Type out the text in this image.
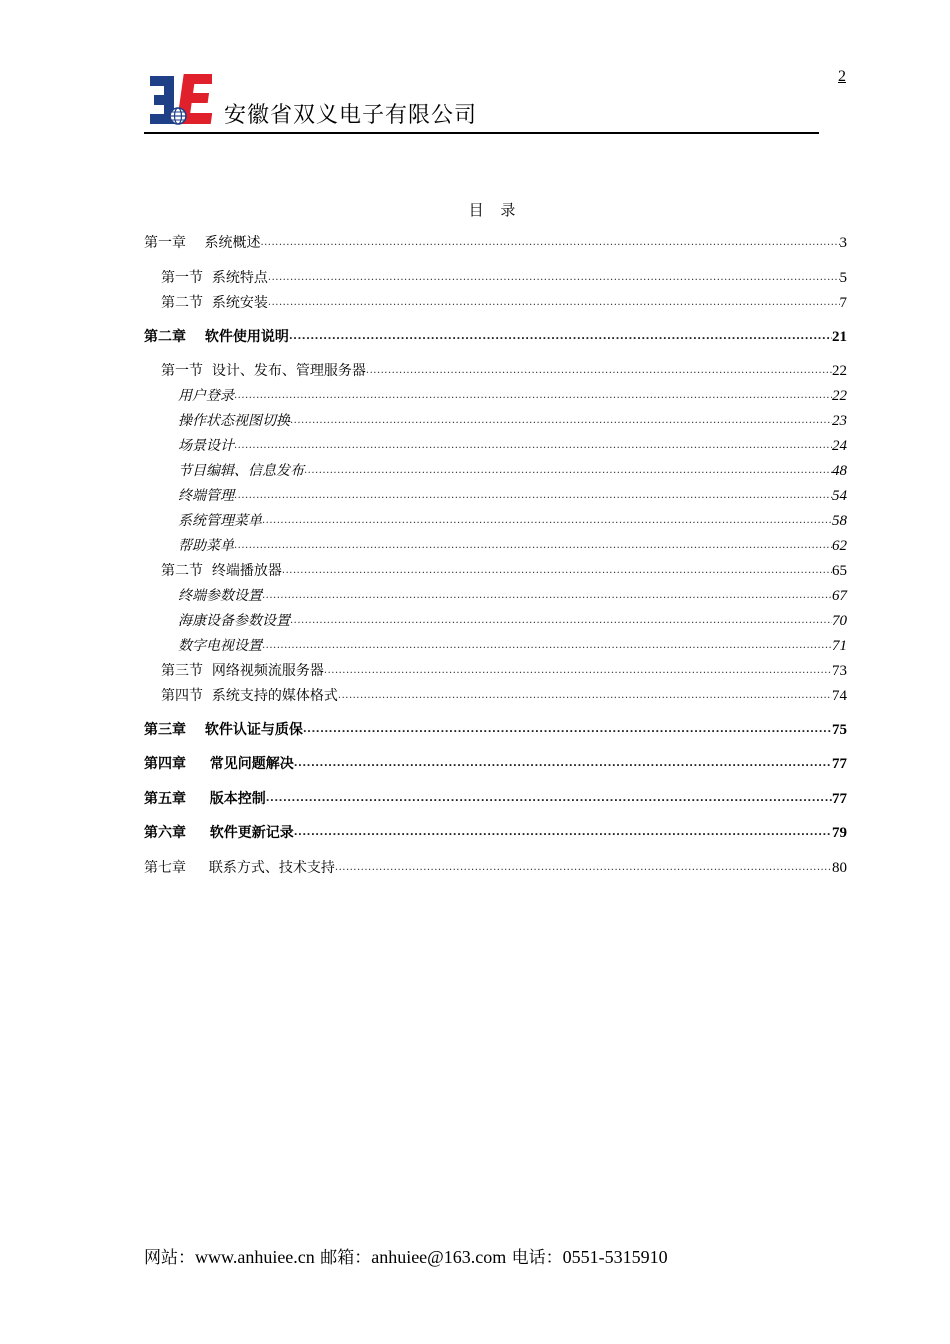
2
安徽省双义电子有限公司
目 录
第一章　 系统概述 .....	3
第一节  系统特点 .....	5
第二节  系统安装 .....	7
第二章　 软件使用说明 .....	21
第一节  设计、发布、管理服务器 .....	22
用户登录 .....	22
操作状态视图切换 .....	23
场景设计 .....	24
节目编辑、信息发布 .....	48
终端管理 .....	54
系统管理菜单 .....	58
帮助菜单 .....	62
第二节  终端播放器 .....	65
终端参数设置 .....	67
海康设备参数设置 .....	70
数字电视设置 .....	71
第三节  网络视频流服务器 .....	73
第四节  系统支持的媒体格式 .....	74
第三章　 软件认证与质保 .....	75
第四章　  常见问题解决 .....	77
第五章　  版本控制 .....	77
第六章　  软件更新记录 .....	79
第七章　  联系方式、技术支持 .....	80
网站：www.anhuiee.cn 邮箱：anhuiee@163.com 电话：0551-5315910
